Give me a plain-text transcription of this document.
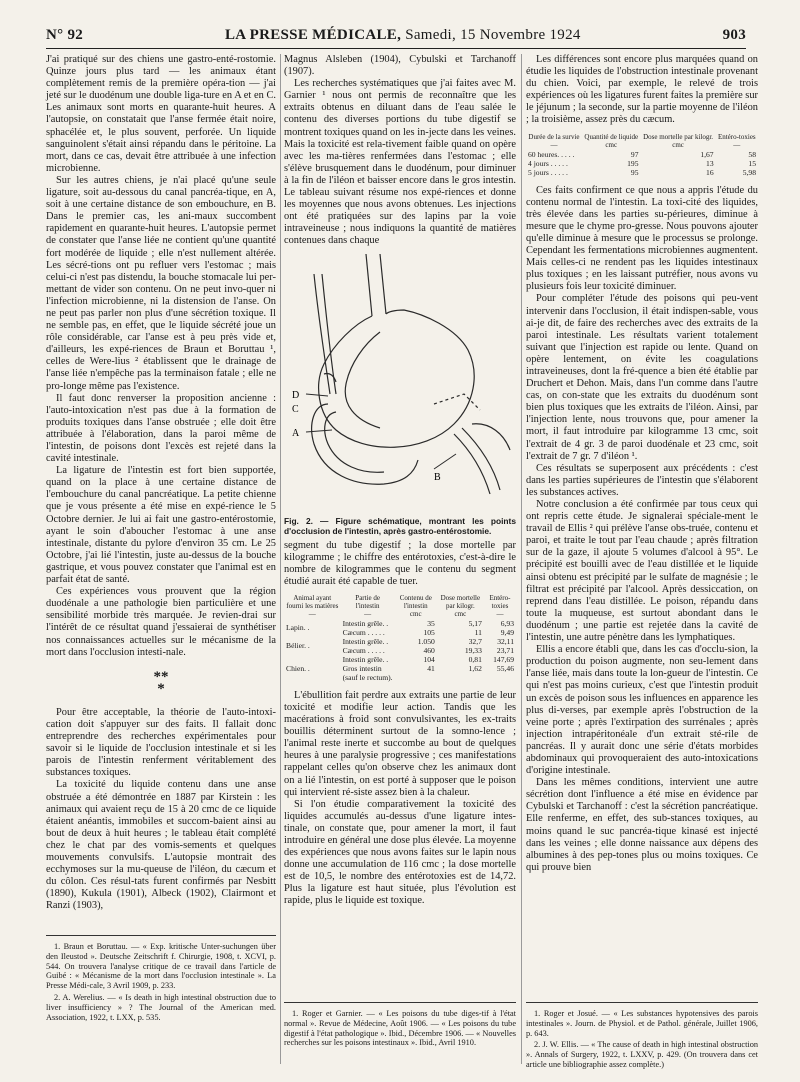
N° 92	LA PRESSE MÉDICALE, Samedi, 15 Novembre 1924	903

J'ai pratiqué sur des chiens une gastro-enté-rostomie. Quinze jours plus tard — les animaux étant complètement remis de la première opéra-tion — j'ai jeté sur le duodénum une double liga-ture en A et en C. Les animaux sont morts en quarante-huit heures. A l'autopsie, on constatait que l'anse fermée était noire, sphacélée et, le plus souvent, perforée. Un liquide sanguinolent s'était ainsi répandu dans le péritoine. La mort, dans ce cas, devait être attribuée à une infection microbienne.

Sur les autres chiens, je n'ai placé qu'une seule ligature, soit au-dessous du canal pancréa-tique, en A, soit à une certaine distance de son embouchure, en B. Dans le premier cas, les ani-maux succombent rapidement en quarante-huit heures. L'autopsie permet de constater que l'anse liée ne contient qu'une quantité fort modérée de liquide ; elle n'est nullement altérée. Les sécré-tions ont pu refluer vers l'estomac ; mais celui-ci n'est pas distendu, la bouche stomacale lui per-mettant de vider son contenu. On ne peut invo-quer ni l'infection microbienne, ni la distension de l'anse. On ne peut pas parler non plus d'une sécrétion toxique. Il ne semble pas, en effet, que le liquide sécrété joue un rôle considérable, car l'anse est à peu près vide et, d'ailleurs, les expé-riences de Braun et Boruttau ¹, celles de Were-lius ² établissent que le drainage de l'anse liée n'empêche pas la terminaison fatale ; elle ne pro-longe même pas l'existence.

Il faut donc renverser la proposition ancienne : l'auto-intoxication n'est pas due à la formation de produits toxiques dans l'anse obstruée ; elle doit être attribuée à l'élaboration, dans la paroi même de l'intestin, de poisons dont l'excès est rejeté dans la cavité intestinale.

La ligature de l'intestin est fort bien supportée, quand on la place à une certaine distance de l'embouchure du canal pancréatique. La petite chienne que je vous présente a été mise en expé-rience le 5 Octobre dernier. Je lui ai fait une gastro-entérostomie, ayant le soin d'aboucher l'estomac à une anse intestinale, distante du pylore d'environ 35 cm. Le 25 Octobre, j'ai lié l'intestin, juste au-dessus de la bouche gastrique, et vous pouvez constater que l'animal est en parfait état de santé.

Ces expériences vous prouvent que la région duodénale a une pathologie bien particulière et une sensibilité morbide très marquée. Je revien-drai sur l'intérêt de ce résultat quand j'essaierai de synthétiser nos connaissances actuelles sur le mécanisme de la mort dans l'occlusion intesti-nale.

**
*

Pour être acceptable, la théorie de l'auto-intoxi-cation doit s'appuyer sur des faits. Il fallait donc entreprendre des recherches expérimentales pour savoir si le liquide de l'occlusion intestinale et si les parois de l'intestin renferment véritablement des substances toxiques.

La toxicité du liquide contenu dans une anse obstruée a été démontrée en 1887 par Kirstein : les animaux qui avaient reçu de 15 à 20 cmc de ce liquide étaient anéantis, immobiles et succom-baient ainsi au bout de deux à huit heures ; le tableau était complété chez le chat par des vomis-sements et quelques mouvements convulsifs. L'autopsie montrait des ecchymoses sur la mu-queuse de l'iléon, du cæcum et du côlon. Ces résul-tats furent confirmés par Nesbitt (1890), Kukula (1901), Albeck (1902), Clairmont et Ranzi (1903),

Magnus Alsleben (1904), Cybulski et Tarchanoff (1907).

Les recherches systématiques que j'ai faites avec M. Garnier ¹ nous ont permis de reconnaître que les extraits obtenus en diluant dans de l'eau salée le contenu des diverses portions du tube digestif se montrent toxiques quand on les in-jecte dans les veines. Mais la toxicité est rela-tivement faible quand on opère avec les ma-tières renfermées dans l'estomac ; elle s'élève brusquement dans le duodénum, pour diminuer à la fin de l'iléon et baisser encore dans le gros intestin. Le tableau suivant résume nos expé-riences et donne les moyennes que nous avons obtenues. Les injections ont été pratiquées sur des lapins par la voie intraveineuse ; nous indiquons la quantité de matières contenues dans chaque

D
C
A
B
Fig. 2. — Figure schématique, montrant les points d'occlusion de l'intestin, après gastro-entérostomie.

segment du tube digestif ; la dose mortelle par kilogramme ; le chiffre des entérotoxies, c'est-à-dire le nombre de kilogrammes que le contenu du segment étudié aurait été capable de tuer.

Animal ayant fourni les matières	Partie de l'intestin	Contenu de l'intestin	Dose mortelle par kilogr.	Entéro-toxies
—	—	cmc	cmc	—
Lapin. .	Intestin grêle. .	35	5,17	6,93
	Cæcum . . . . .	105	11	9,49
Bélier. .	Intestin grêle. .	1.050	32,7	32,11
	Cæcum . . . . .	460	19,33	23,71
Chien. .	Intestin grêle. .	104	0,81	147,69
	Gros intestin	41	1,62	55,46
	(sauf le rectum).			

L'ébullition fait perdre aux extraits une partie de leur toxicité et modifie leur action. Tandis que les macérations à froid sont convulsivantes, les ex-traits bouillis déterminent surtout de la somno-lence ; l'animal reste inerte et succombe au bout de quelques heures à une paralysie progressive ; ces manifestations rappelant celles qu'on observe chez les animaux dont on a lié l'intestin, on est porté à supposer que le poison qui intervient ré-siste assez bien à la chaleur.

Si l'on étudie comparativement la toxicité des liquides accumulés au-dessus d'une ligature intes-tinale, on constate que, pour amener la mort, il faut introduire en général une dose plus élevée. La moyenne des expériences que nous avons faites sur le lapin nous donne une accumulation de 116 cmc ; la dose mortelle est de 10,5, le nombre des entérotoxies est de 14,72. Plus la ligature est haut située, plus l'évolution est rapide, plus le liquide est toxique.

Les différences sont encore plus marquées quand on étudie les liquides de l'obstruction intestinale provenant du chien. Voici, par exemple, le relevé de trois expériences où les ligatures furent faites la première sur le jéjunum ; la seconde, sur la partie moyenne de l'iléon ; la troisième, assez près du cæcum.

Durée de la survie	Quantité de liquide	Dose mortelle par kilogr.	Entéro-toxies
—	cmc	cmc	—
60 heures. . . . .	97	1,67	58
4 jours . . . . .	195	13	15
5 jours . . . . .	95	16	5,98

Ces faits confirment ce que nous a appris l'étude du contenu normal de l'intestin. La toxi-cité des liquides, très élevée dans les parties su-périeures, diminue à mesure que le chyme pro-gresse. Nous pouvons ajouter qu'elle diminue à mesure que le processus se prolonge. Cependant les fermentations microbiennes augmentent. Mais celles-ci ne rendent pas les liquides intestinaux plus toxiques ; en les laissant putréfier, nous avons vu plusieurs fois leur toxicité diminuer.

Pour compléter l'étude des poisons qui peu-vent intervenir dans l'occlusion, il était indispen-sable, vous ai-je dit, de faire des recherches avec des extraits de la paroi intestinale. Les résultats varient totalement suivant que l'injection est rapide ou lente. Quand on opère lentement, on évite les coagulations intraveineuses, dont la fré-quence a bien été établie par Druchert et Dehon. Mais, dans l'un comme dans l'autre cas, on con-state que les extraits du duodénum sont bien plus toxiques que les extraits de l'iléon. Ainsi, par l'injection lente, nous trouvons que, pour amener la mort, il faut introduire par kilogramme 13 cmc, soit l'extrait de 4 gr. 3 de paroi duodénale et 23 cmc, soit l'extrait de 7 gr. 7 d'iléon ¹.

Ces résultats se superposent aux précédents : c'est dans les parties supérieures de l'intestin que s'élaborent les substances actives.

Notre conclusion a été confirmée par tous ceux qui ont repris cette étude. Je signalerai spéciale-ment le travail de Ellis ² qui prélève l'anse obs-truée, contenu et paroi, et traite le tout par l'eau chaude ; après filtration sur de la gaze, il ajoute 5 volumes d'alcool à 95°. Le précipité est bouilli avec de l'eau distillée et le liquide ainsi obtenu est précipité par le sulfate de magnésie ; le filtrat est précipité par l'alcool. Après dessiccation, on reprend dans l'eau distillée. Le poison, répandu dans toute la muqueuse, est surtout abondant dans le duodénum ; une partie est rejetée dans la cavité de l'intestin, une autre pénètre dans les lymphatiques.

Ellis a encore établi que, dans les cas d'occlu-sion, la production du poison augmente, non seu-lement dans l'anse liée, mais dans toute la lon-gueur de l'intestin. Ce qui n'est pas moins curieux, c'est que l'intestin produit un excès de poison sous les influences en apparence les plus di-verses, par exemple après l'obstruction de la veine porte ; après l'extirpation des surrénales ; après injection intrapéritonéale d'un extrait sté-rile de pancréas. Il y aurait donc une série d'états morbides abdominaux qui provoqueraient des auto-intoxications d'origine intestinale.

Dans les mêmes conditions, intervient une autre sécrétion dont l'influence a été mise en évidence par Cybulski et Tarchanoff : c'est la sécrétion pancréatique. Elle renferme, en effet, des sub-stances toxiques, au moins quand le suc pancréa-tique kinasé est injecté dans les veines ; elle donne naissance aux dépens des albumines à des pep-tones plus ou moins toxiques. Ce qui prouve bien

1. Braun et Boruttau. — « Exp. kritische Unter-suchungen über den Ileustod ». Deutsche Zeitschrift f. Chirurgie, 1908, t. XCVI, p. 544. On trouvera l'analyse critique de ce travail dans l'article de Guibé : « Mécanisme de la mort dans l'occlusion intestinale ». La Presse Médi-cale, 3 Avril 1909, p. 233.

2. A. Werelius. — « Is death in high intestinal obstruction due to liver insufficiency » ? The Journal of the American med. Association, 1922, t. LXX, p. 535.	1. Roger et Garnier. — « Les poisons du tube diges-tif à l'état normal ». Revue de Médecine, Août 1906. — « Les poisons du tube digestif à l'état pathologique ». Ibid., Décembre 1906. — « Nouvelles recherches sur les poisons intestinaux ». Ibid., Avril 1910.

1. Roger et Josué. — « Les substances hypotensives des parois intestinales ». Journ. de Physiol. et de Pathol. générale, Juillet 1906, p. 643.

2. J. W. Ellis. — « The cause of death in high intestinal obstruction ». Annals of Surgery, 1922, t. LXXV, p. 429. (On trouvera dans cet article une bibliographie assez complète.)
